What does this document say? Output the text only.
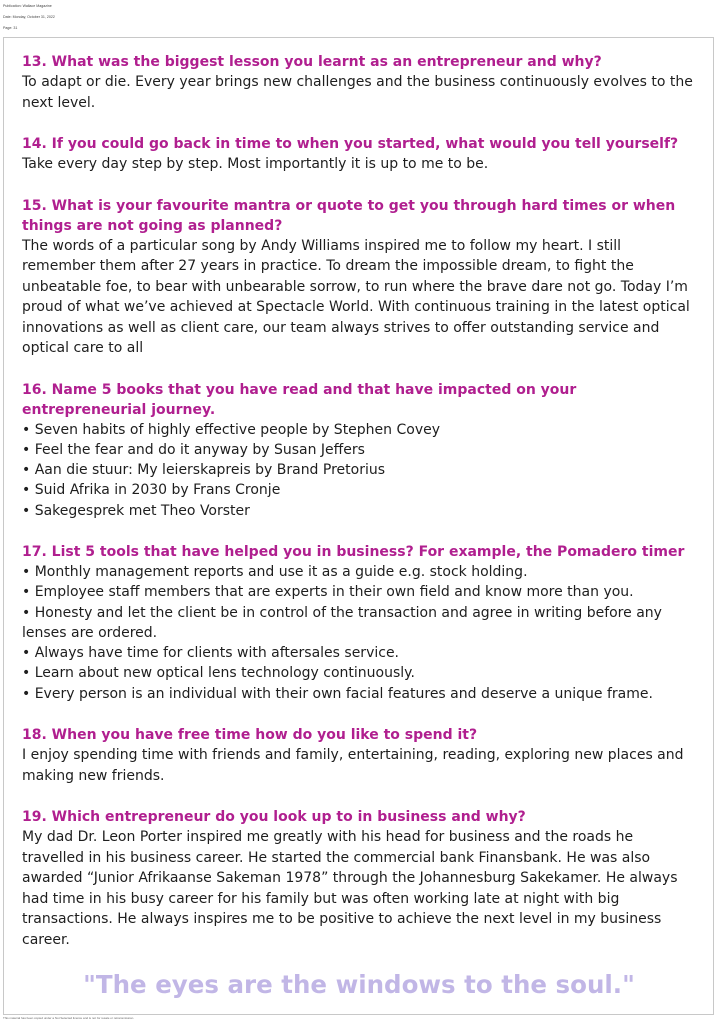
Publication: Wallace Magazine
Date: Monday, October 31, 2022
Page: 31

13. What was the biggest lesson you learnt as an entrepreneur and why?

To adapt or die. Every year brings new challenges and the business continuously evolves to the next level.

14. If you could go back in time to when you started, what would you tell yourself?

Take every day step by step. Most importantly it is up to me to be.

15. What is your favourite mantra or quote to get you through hard times or when things are not going as planned?

The words of a particular song by Andy Williams inspired me to follow my heart. I still remember them after 27 years in practice. To dream the impossible dream, to fight the unbeatable foe, to bear with unbearable sorrow, to run where the brave dare not go. Today I’m proud of what we’ve achieved at Spectacle World. With continuous training in the latest optical innovations as well as client care, our team always strives to offer outstanding service and optical care to all

16. Name 5 books that you have read and that have impacted on your entrepreneurial journey.

• Seven habits of highly effective people by Stephen Covey
• Feel the fear and do it anyway by Susan Jeffers
• Aan die stuur: My leierskapreis by Brand Pretorius
• Suid Afrika in 2030 by Frans Cronje
• Sakegesprek met Theo Vorster

17. List 5 tools that have helped you in business? For example, the Pomadero timer

• Monthly management reports and use it as a guide e.g. stock holding.
• Employee staff members that are experts in their own field and know more than you.
• Honesty and let the client be in control of the transaction and agree in writing before any lenses are ordered.
• Always have time for clients with aftersales service.
• Learn about new optical lens technology continuously.
• Every person is an individual with their own facial features and deserve a unique frame.

18. When you have free time how do you like to spend it?

I enjoy spending time with friends and family, entertaining, reading, exploring new places and making new friends.

19. Which entrepreneur do you look up to in business and why?

My dad Dr. Leon Porter inspired me greatly with his head for business and the roads he travelled in his business career. He started the commercial bank Finansbank. He was also awarded “Junior Afrikaanse Sakeman 1978” through the Johannesburg Sakekamer. He always had time in his busy career for his family but was often working late at night with big transactions. He always inspires me to be positive to achieve the next level in my business career.

"The eyes are the windows to the soul."
This material has been copied under a Not Selected licence and is not for resale or retransmission.
